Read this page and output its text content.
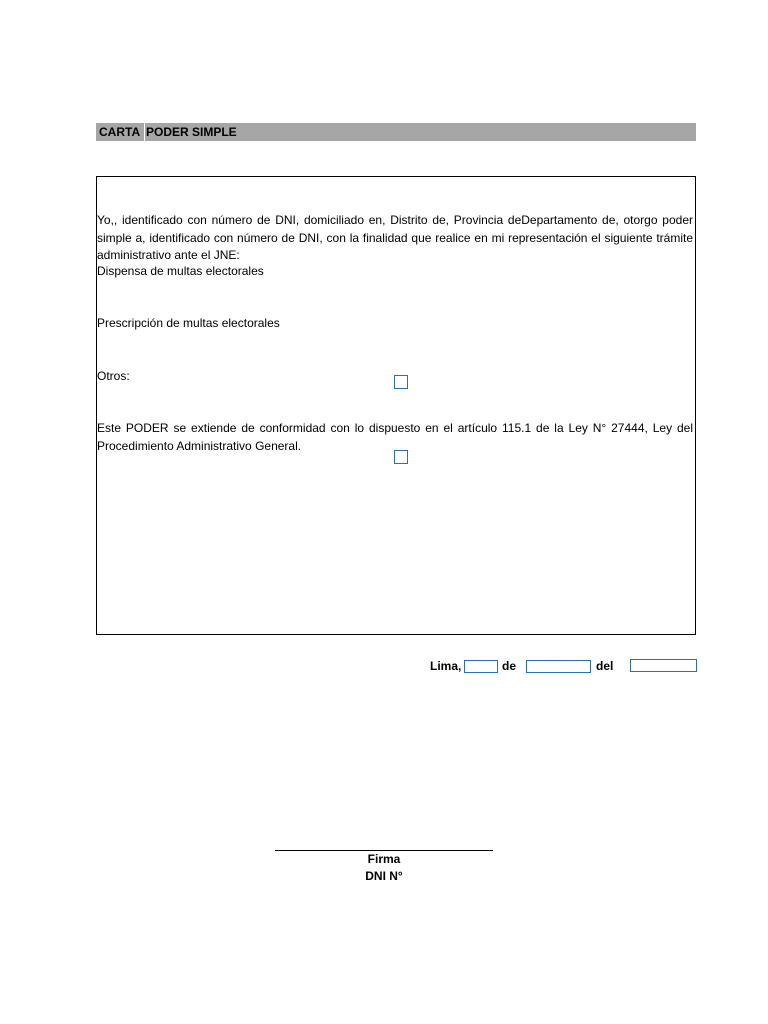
CARTA PODER SIMPLE
Yo,, identificado con número de DNI, domiciliado en, Distrito de, Provincia deDepartamento de, otorgo poder simple a, identificado con número de DNI, con la finalidad que realice en mi representación el siguiente trámite administrativo ante el JNE:
Dispensa de multas electorales
Prescripción de multas electorales
Otros:
Este PODER se extiende de conformidad con lo dispuesto en el artículo 115.1 de la Ley N° 27444, Ley del Procedimiento Administrativo General.
Lima,	de	del
Firma
DNI N°
